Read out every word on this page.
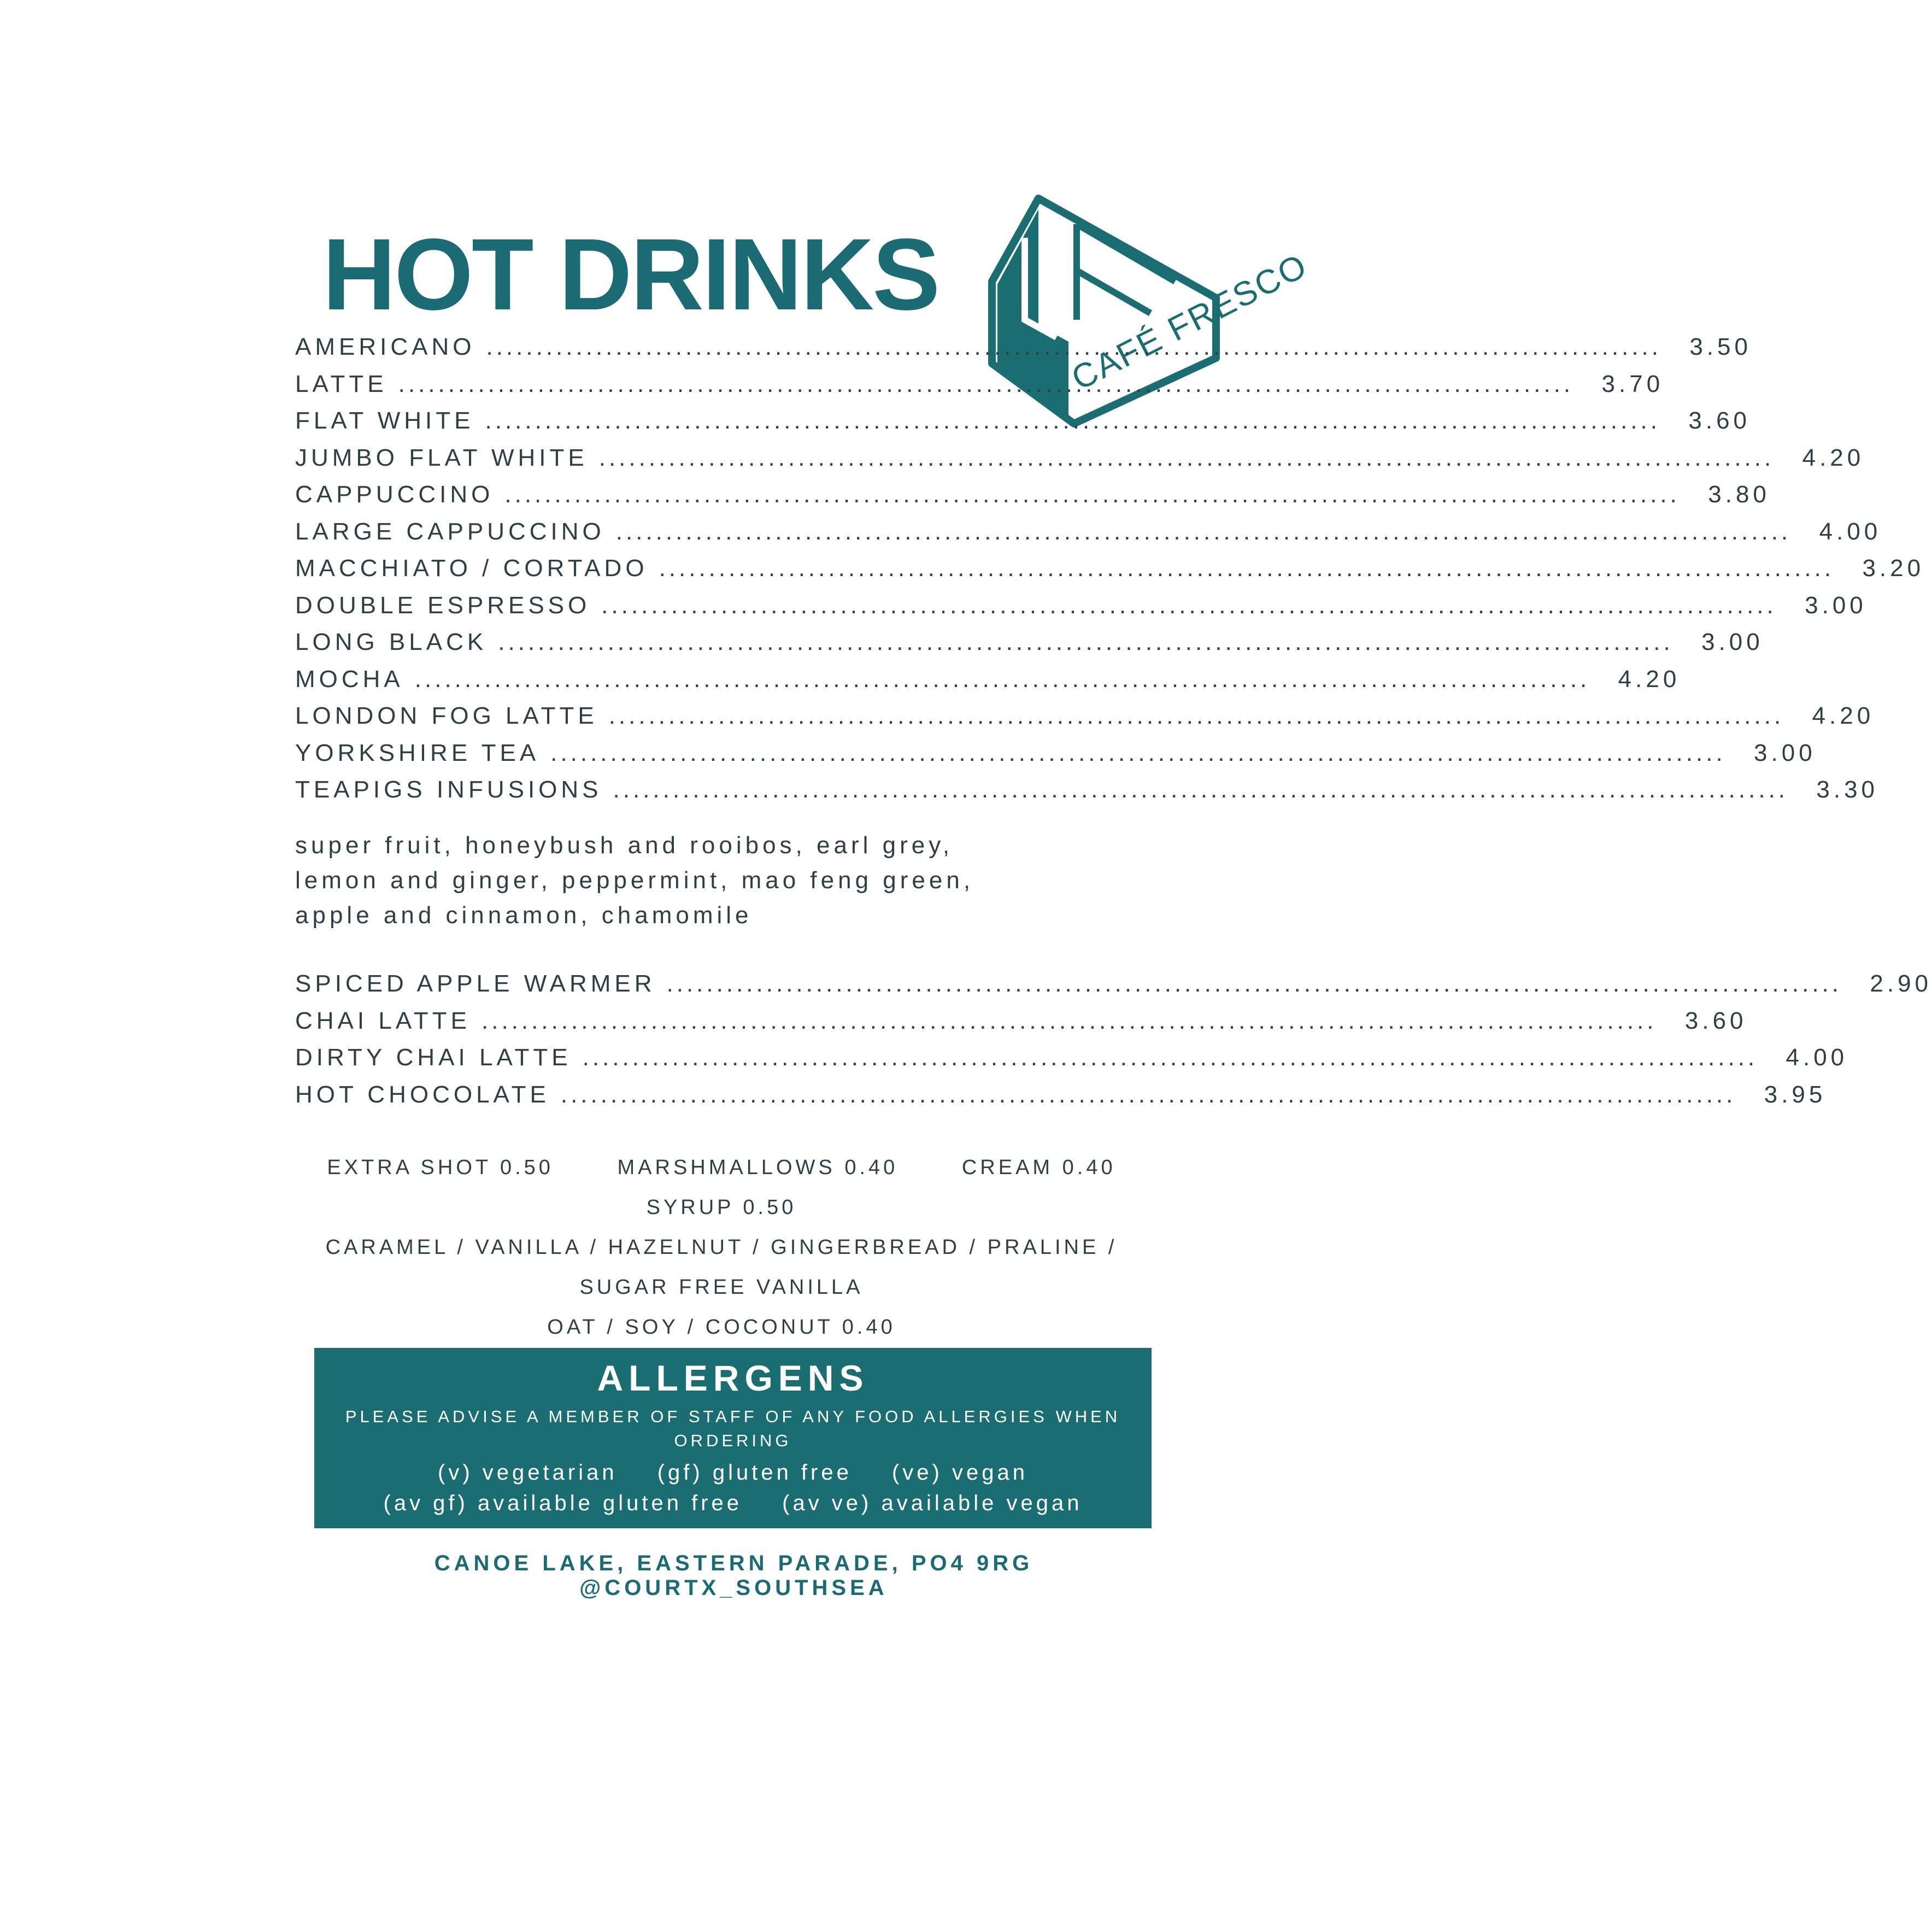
HOT DRINKS	CAFÉ FRESCO
AMERICANO .....	3.50
LATTE .....	3.70
FLAT WHITE .....	3.60
JUMBO FLAT WHITE .....	4.20
CAPPUCCINO .....	3.80
LARGE CAPPUCCINO .....	4.00
MACCHIATO / CORTADO .....	3.20
DOUBLE ESPRESSO .....	3.00
LONG BLACK .....	3.00
MOCHA .....	4.20
LONDON FOG LATTE .....	4.20
YORKSHIRE TEA .....	3.00
TEAPIGS INFUSIONS .....	3.30
super fruit, honeybush and rooibos, earl grey,
lemon and ginger, peppermint, mao feng green,
apple and cinnamon, chamomile
SPICED APPLE WARMER .....	2.90
CHAI LATTE .....	3.60
DIRTY CHAI LATTE .....	4.00
HOT CHOCOLATE .....	3.95
EXTRA SHOT 0.50	MARSHMALLOWS 0.40	CREAM 0.40
SYRUP 0.50
CARAMEL / VANILLA / HAZELNUT / GINGERBREAD / PRALINE /
SUGAR FREE VANILLA
OAT / SOY / COCONUT 0.40
ALLERGENS
PLEASE ADVISE A MEMBER OF STAFF OF ANY FOOD ALLERGIES WHEN ORDERING
(v) vegetarian (gf) gluten free (ve) vegan
(av gf) available gluten free (av ve) available vegan
CANOE LAKE, EASTERN PARADE, PO4 9RG @COURTX_SOUTHSEA
